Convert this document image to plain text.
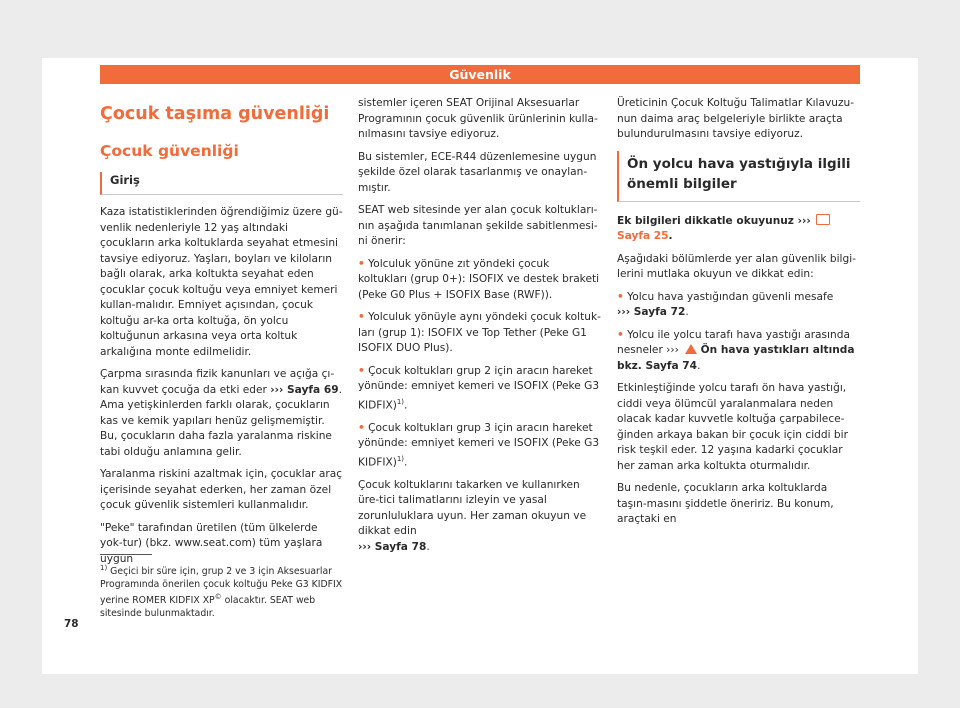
Güvenlik
Çocuk taşıma güvenliği
Çocuk güvenliği
Giriş

Kaza istatistiklerinden öğrendiğimiz üzere gü-venlik nedenleriyle 12 yaş altındaki çocukların arka koltuklarda seyahat etmesini tavsiye ediyoruz. Yaşları, boyları ve kiloların bağlı olarak, arka koltukta seyahat eden çocuklar çocuk koltuğu veya emniyet kemeri kullan-malıdır. Emniyet açısından, çocuk koltuğu ar-ka orta koltuğa, ön yolcu koltuğunun arkasına veya orta koltuk arkalığına monte edilmelidir.

Çarpma sırasında fizik kanunları ve açığa çı-kan kuvvet çocuğa da etki eder ››› Sayfa 69. Ama yetişkinlerden farklı olarak, çocukların kas ve kemik yapıları henüz gelişmemiştir. Bu, çocukların daha fazla yaralanma riskine tabi olduğu anlamına gelir.

Yaralanma riskini azaltmak için, çocuklar araç içerisinde seyahat ederken, her zaman özel çocuk güvenlik sistemleri kullanmalıdır.

"Peke" tarafından üretilen (tüm ülkelerde yok-tur) (bkz. www.seat.com) tüm yaşlara uygun

sistemler içeren SEAT Orijinal Aksesuarlar Programının çocuk güvenlik ürünlerinin kulla-nılmasını tavsiye ediyoruz.

Bu sistemler, ECE-R44 düzenlemesine uygun şekilde özel olarak tasarlanmış ve onaylan-mıştır.

SEAT web sitesinde yer alan çocuk koltukları-nın aşağıda tanımlanan şekilde sabitlenmesi-ni önerir:

• Yolculuk yönüne zıt yöndeki çocuk koltukları (grup 0+): ISOFIX ve destek braketi (Peke G0 Plus + ISOFIX Base (RWF)).

• Yolculuk yönüyle aynı yöndeki çocuk koltuk-ları (grup 1): ISOFIX ve Top Tether (Peke G1 ISOFIX DUO Plus).

• Çocuk koltukları grup 2 için aracın hareket yönünde: emniyet kemeri ve ISOFIX (Peke G3 KIDFIX)$^{1)}$.

• Çocuk koltukları grup 3 için aracın hareket yönünde: emniyet kemeri ve ISOFIX (Peke G3 KIDFIX)$^{1)}$.

Çocuk koltuklarını takarken ve kullanırken üre-tici talimatlarını izleyin ve yasal zorunluluklara uyun. Her zaman okuyun ve dikkat edin
››› Sayfa 78.

Üreticinin Çocuk Koltuğu Talimatlar Kılavuzu-nun daima araç belgeleriyle birlikte araçta bulundurulmasını tavsiye ediyoruz.

Ön yolcu hava yastığıyla ilgili önemli bilgiler

Ek bilgileri dikkatle okuyunuz ›››  Sayfa 25.

Aşağıdaki bölümlerde yer alan güvenlik bilgi-lerini mutlaka okuyun ve dikkat edin:

• Yolcu hava yastığından güvenli mesafe
››› Sayfa 72.

• Yolcu ile yolcu tarafı hava yastığı arasında nesneler ››› Ön hava yastıkları altında bkz. Sayfa 74.

Etkinleştiğinde yolcu tarafı ön hava yastığı, ciddi veya ölümcül yaralanmalara neden olacak kadar kuvvetle koltuğa çarpabilece-ğinden arkaya bakan bir çocuk için ciddi bir risk teşkil eder. 12 yaşına kadarki çocuklar her zaman arka koltukta oturmalıdır.

Bu nedenle, çocukların arka koltuklarda taşın-masını şiddetle öneririz. Bu konum, araçtaki en

$^{1)}$ Geçici bir süre için, grup 2 ve 3 için Aksesuarlar Programında önerilen çocuk koltuğu Peke G3 KIDFIX yerine ROMER KIDFIX XP© olacaktır. SEAT web sitesinde bulunmaktadır.
78
